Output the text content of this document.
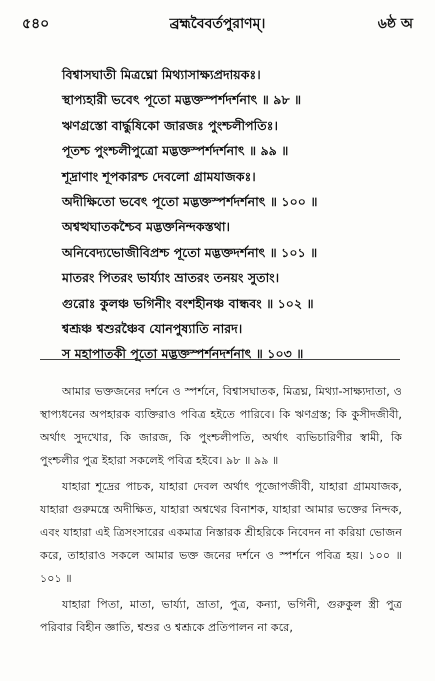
৫৪০	ব্রহ্মবৈবর্তপুরাণম্।	৬ষ্ঠ অ
বিশ্বাসঘাতী মিত্রঘ্নো মিথ্যাসাক্ষ্যপ্রদায়কঃ।
স্থাপ্যহারী ভবেৎ পূতো মদ্ভক্তস্পর্শদর্শনাৎ ॥ ৯৮ ॥
ঋণগ্রস্তো বার্দ্ধুষিকো জারজঃ পুংশ্চলীপতিঃ।
পূতশ্চ পুংশ্চলীপুত্রো মদ্ভক্তস্পর্শদর্শনাৎ ॥ ৯৯ ॥
শূদ্রাণাং শূপকারশ্চ দেবলো গ্রামযাজকঃ।
অদীক্ষিতো ভবেৎ পূতো মদ্ভক্তস্পর্শদর্শনাৎ ॥ ১০০ ॥
অশ্বত্থঘাতকশ্চৈব মদ্ভক্তনিন্দকস্তথা।
অনিবেদ্যভোজীবিপ্রশ্চ পূতো মদ্ভক্তদর্শনাৎ ॥ ১০১ ॥
মাতরং পিতরং ভার্য্যাং ভ্রাতরং তনয়ং সুতাং।
গুরোঃ কুলঞ্চ ভগিনীং বংশহীনঞ্চ বান্ধবং ॥ ১০২ ॥
শ্বশ্রূঞ্চ শ্বশুরঞ্চৈব যোনপুষ্যাতি নারদ।
স মহাপাতকী পূতো মদ্ভক্তস্পর্শনদর্শনাৎ ॥ ১০৩ ॥

আমার ভক্তজনের দর্শনে ও স্পর্শনে, বিশ্বাসঘাতক, মিত্রঘ্ন, মিথ্যা-সাক্ষ্যদাতা, ও স্থাপ্যধনের অপহারক ব্যক্তিরাও পবিত্র হইতে পারিবে। কি ঋণগ্রস্ত; কি কুসীদজীবী, অর্থাৎ সুদখোর, কি জারজ, কি পুংশ্চলীপতি, অর্থাৎ ব্যভিচারিণীর স্বামী, কি পুংশ্চলীর পুত্র ইহারা সকলেই পবিত্র হইবে। ৯৮ ॥ ৯৯ ॥

যাহারা শূদ্রের পাচক, যাহারা দেবল অর্থাৎ পূজোপজীবী, যাহারা গ্রামযাজক, যাহারা গুরুমন্ত্রে অদীক্ষিত, যাহারা অশ্বথের বিনাশক, যাহারা আমার ভক্তের নিন্দক, এবং যাহারা এই ত্রিসংসারের একমাত্র নিস্তারক শ্রীহরিকে নিবেদন না করিয়া ভোজন করে, তাহারাও সকলে আমার ভক্ত জনের দর্শনে ও স্পর্শনে পবিত্র হয়। ১০০ ॥ ১০১ ॥

যাহারা পিতা, মাতা, ভার্য্যা, ভ্রাতা, পুত্র, কন্যা, ভগিনী, গুরুকুল স্ত্রী পুত্র পরিবার বিহীন জ্ঞাতি, শ্বশুর ও শ্বশ্রূকে প্রতিপালন না করে,
